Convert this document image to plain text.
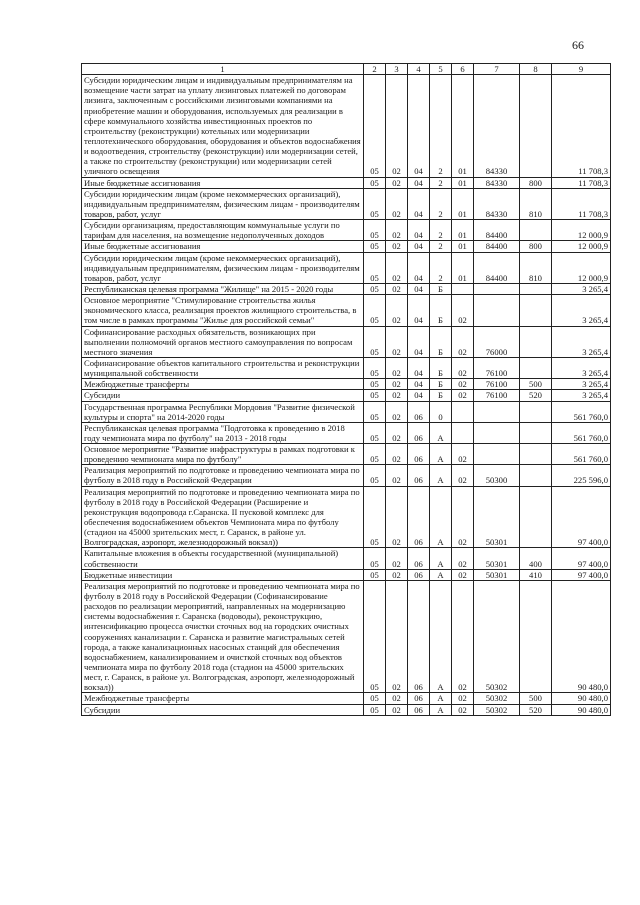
66
1	2	3	4	5	6	7	8	9
Субсидии юридическим лицам и индивидуальным предпринимателям на возмещение части затрат на уплату лизинговых платежей по договорам лизинга, заключенным с российскими лизинговыми компаниями на приобретение машин и оборудования, используемых для реализации в сфере коммунального хозяйства инвестиционных проектов по строительству (реконструкции) котельных или модернизации теплотехнического оборудования, оборудования и объектов водоснабжения и водоотведения, строительству (реконструкции) или модернизации сетей, а также по строительству (реконструкции) или модернизации сетей уличного освещения	05	02	04	2	01	84330		11 708,3
Иные бюджетные ассигнования	05	02	04	2	01	84330	800	11 708,3
Субсидии юридическим лицам (кроме некоммерческих организаций), индивидуальным предпринимателям, физическим лицам - производителям товаров, работ, услуг	05	02	04	2	01	84330	810	11 708,3
Субсидии организациям, предоставляющим коммунальные услуги по тарифам для населения, на возмещение недополученных доходов	05	02	04	2	01	84400		12 000,9
Иные бюджетные ассигнования	05	02	04	2	01	84400	800	12 000,9
Субсидии юридическим лицам (кроме некоммерческих организаций), индивидуальным предпринимателям, физическим лицам - производителям товаров, работ, услуг	05	02	04	2	01	84400	810	12 000,9
Республиканская целевая программа "Жилище" на 2015 - 2020 годы	05	02	04	Б				3 265,4
Основное мероприятие "Стимулирование строительства жилья экономического класса, реализация проектов жилищного строительства, в том числе в рамках программы "Жилье для российской семьи"	05	02	04	Б	02			3 265,4
Софинансирование расходных обязательств, возникающих при выполнении полномочий органов местного самоуправления по вопросам местного значения	05	02	04	Б	02	76000		3 265,4
Софинансирование объектов капитального строительства и реконструкции муниципальной собственности	05	02	04	Б	02	76100		3 265,4
Межбюджетные трансферты	05	02	04	Б	02	76100	500	3 265,4
Субсидии	05	02	04	Б	02	76100	520	3 265,4
Государственная программа Республики Мордовия "Развитие физической культуры и спорта" на 2014-2020 годы	05	02	06	0				561 760,0
Республиканская целевая программа "Подготовка к проведению в 2018 году чемпионата мира по футболу" на 2013 - 2018 годы	05	02	06	А				561 760,0
Основное мероприятие "Развитие инфраструктуры в рамках подготовки к проведению чемпионата мира по футболу"	05	02	06	А	02			561 760,0
Реализация мероприятий по подготовке и проведению чемпионата мира по футболу в 2018 году в Российской Федерации	05	02	06	А	02	50300		225 596,0
Реализация мероприятий по подготовке и проведению чемпионата мира по футболу в 2018 году в Российской Федерации (Расширение и реконструкция водопровода г.Саранска. II пусковой комплекс для обеспечения водоснабжением объектов Чемпионата мира по футболу (стадион на 45000 зрительских мест, г. Саранск, в районе ул. Волгоградская, аэропорт, железнодорожный вокзал))	05	02	06	А	02	50301		97 400,0
Капитальные вложения в объекты государственной (муниципальной) собственности	05	02	06	А	02	50301	400	97 400,0
Бюджетные инвестиции	05	02	06	А	02	50301	410	97 400,0
Реализация мероприятий по подготовке и проведению чемпионата мира по футболу в 2018 году в Российской Федерации (Софинансирование расходов по реализации мероприятий, направленных на модернизацию системы водоснабжения г. Саранска (водоводы), реконструкцию, интенсификацию процесса очистки сточных вод на городских очистных сооружениях канализации г. Саранска и развитие магистральных сетей города, а также канализационных насосных станций для обеспечения водоснабжением, канализированием и очисткой сточных вод объектов чемпионата мира по футболу 2018 года (стадион на 45000 зрительских мест, г. Саранск, в районе ул. Волгоградская, аэропорт, железнодорожный вокзал))	05	02	06	А	02	50302		90 480,0
Межбюджетные трансферты	05	02	06	А	02	50302	500	90 480,0
Субсидии	05	02	06	А	02	50302	520	90 480,0
